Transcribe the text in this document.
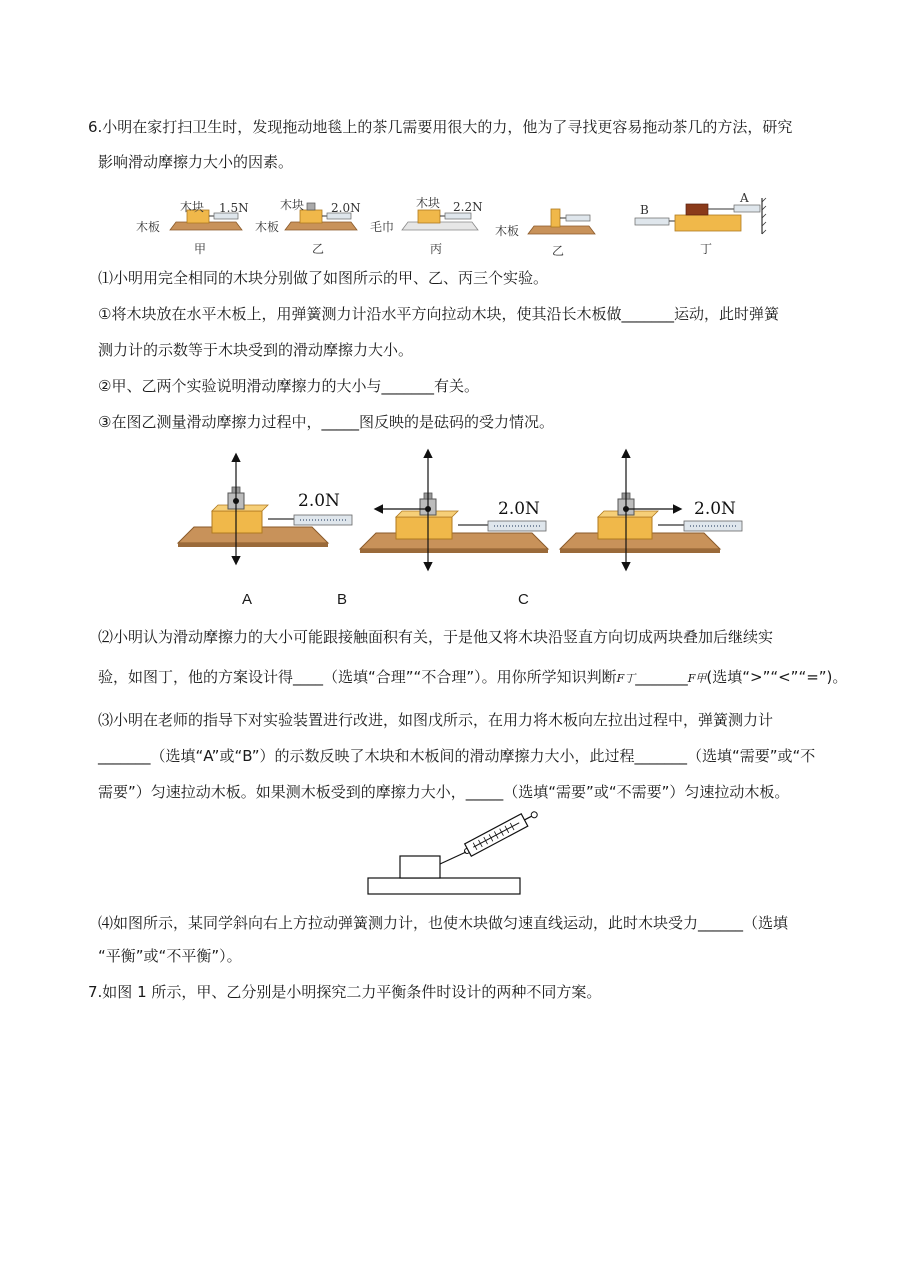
6.小明在家打扫卫生时，发现拖动地毯上的茶几需要用很大的力，他为了寻找更容易拖动茶几的方法，研究
影响滑动摩擦力大小的因素。
木块
木板
1.5N
甲
木块
木板
2.0N
乙
木块
毛巾
2.2N
丙
木板
乙
B
A
丁
⑴小明用完全相同的木块分别做了如图所示的甲、乙、丙三个实验。
①将木块放在水平木板上，用弹簧测力计沿水平方向拉动木块，使其沿长木板做_______运动，此时弹簧
测力计的示数等于木块受到的滑动摩擦力大小。
②甲、乙两个实验说明滑动摩擦力的大小与_______有关。
③在图乙测量滑动摩擦力过程中，_____图反映的是砝码的受力情况。
2.0N	2.0N	2.0N
A	B	C
⑵小明认为滑动摩擦力的大小可能跟接触面积有关，于是他又将木块沿竖直方向切成两块叠加后继续实
验，如图丁，他的方案设计得____（选填“合理”“不合理”）。用你所学知识判断F丁_______F甲(选填“>”“<”“=”)。
⑶小明在老师的指导下对实验装置进行改进，如图戊所示，在用力将木板向左拉出过程中，弹簧测力计
_______（选填“A”或“B”）的示数反映了木块和木板间的滑动摩擦力大小，此过程_______（选填“需要”或“不
需要”）匀速拉动木板。如果测木板受到的摩擦力大小，_____（选填“需要”或“不需要”）匀速拉动木板。
⑷如图所示，某同学斜向右上方拉动弹簧测力计，也使木块做匀速直线运动，此时木块受力______（选填
“平衡”或“不平衡”）。
7.如图 1 所示，甲、乙分别是小明探究二力平衡条件时设计的两种不同方案。
